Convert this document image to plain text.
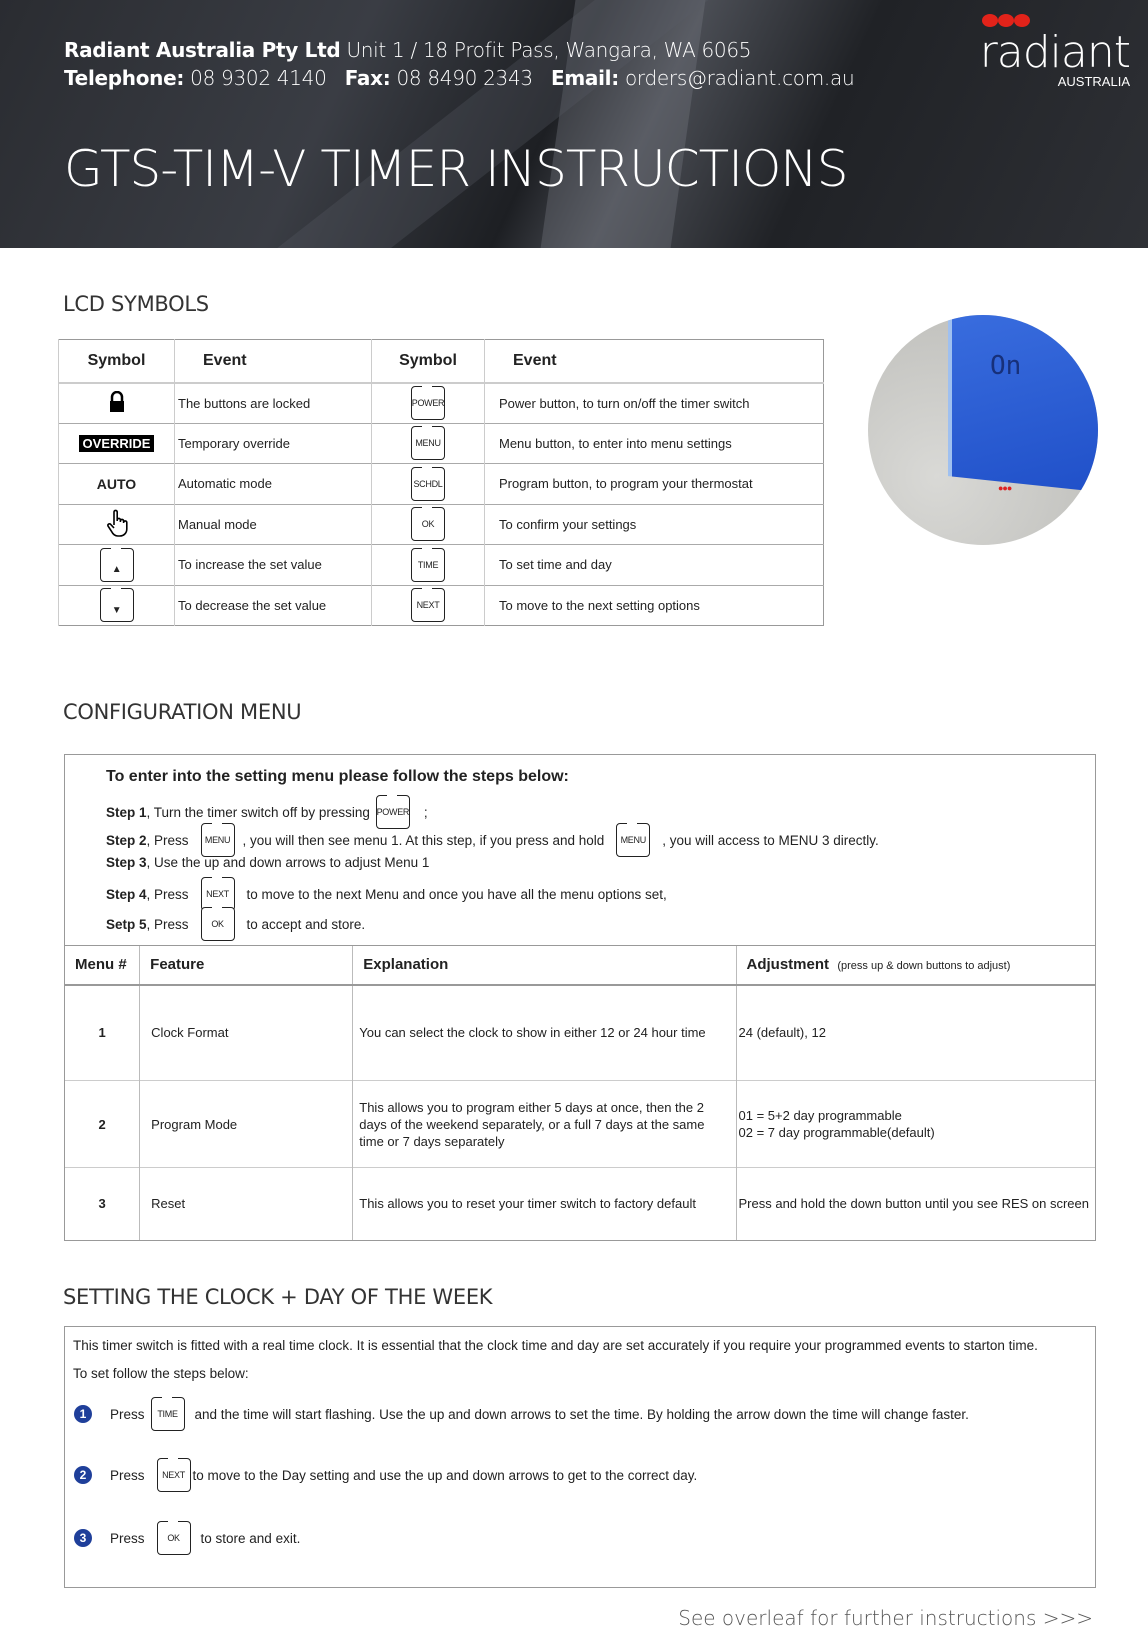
Radiant Australia Pty Ltd Unit 1 / 18 Profit Pass, Wangara, WA 6065
Telephone: 08 9302 4140 Fax: 08 8490 2343 Email: orders@radiant.com.au
GTS-TIM-V TIMER INSTRUCTIONS
radiant
AUSTRALIA
LCD SYMBOLS
Symbol	Event	Symbol	Event
	The buttons are locked	POWER	Power button, to turn on/off the timer switch
OVERRIDE	Temporary override	MENU	Menu button, to enter into menu settings
AUTO	Automatic mode	SCHDL	Program button, to program your thermostat
	Manual mode	OK	To confirm your settings

▲	To increase the set value	TIME	To set time and day

▼	To decrease the set value	NEXT	To move to the next setting options
On
●●●
CONFIGURATION MENU
To enter into the setting menu please follow the steps below:
Step 1 , Turn the timer switch off by pressing POWER ;
Step 2 , Press	MENU , you will then see menu 1. At this step, if you press and hold	MENU	, you will access to MENU 3 directly.
Step 3 , Use the up and down arrows to adjust Menu 1
Step 4 , Press	NEXT	to move to the next Menu and once you have all the menu options set,
Setp 5 , Press	OK	to accept and store.
Menu #	Feature	Explanation	Adjustment (press up & down buttons to adjust)
1	Clock Format	You can select the clock to show in either 12 or 24 hour time	24 (default), 12
2	Program Mode	This allows you to program either 5 days at once, then the 2 days of the weekend separately, or a full 7 days at the same time or 7 days separately	01 = 5+2 day programmable
02 = 7 day programmable(default)

3	Reset	This allows you to reset your timer switch to factory default	Press and hold the down button until you see RES on screen
SETTING THE CLOCK + DAY OF THE WEEK

This timer switch is fitted with a real time clock. It is essential that the clock time and day are set accurately if you require your programmed events to starton time.

To set follow the steps below:

1	Press	TIME	and the time will start flashing. Use the up and down arrows to set the time. By holding the arrow down the time will change faster.
2	Press	NEXT to move to the Day setting and use the up and down arrows to get to the correct day.
3	Press	OK	to store and exit.
See overleaf for further instructions >>>
